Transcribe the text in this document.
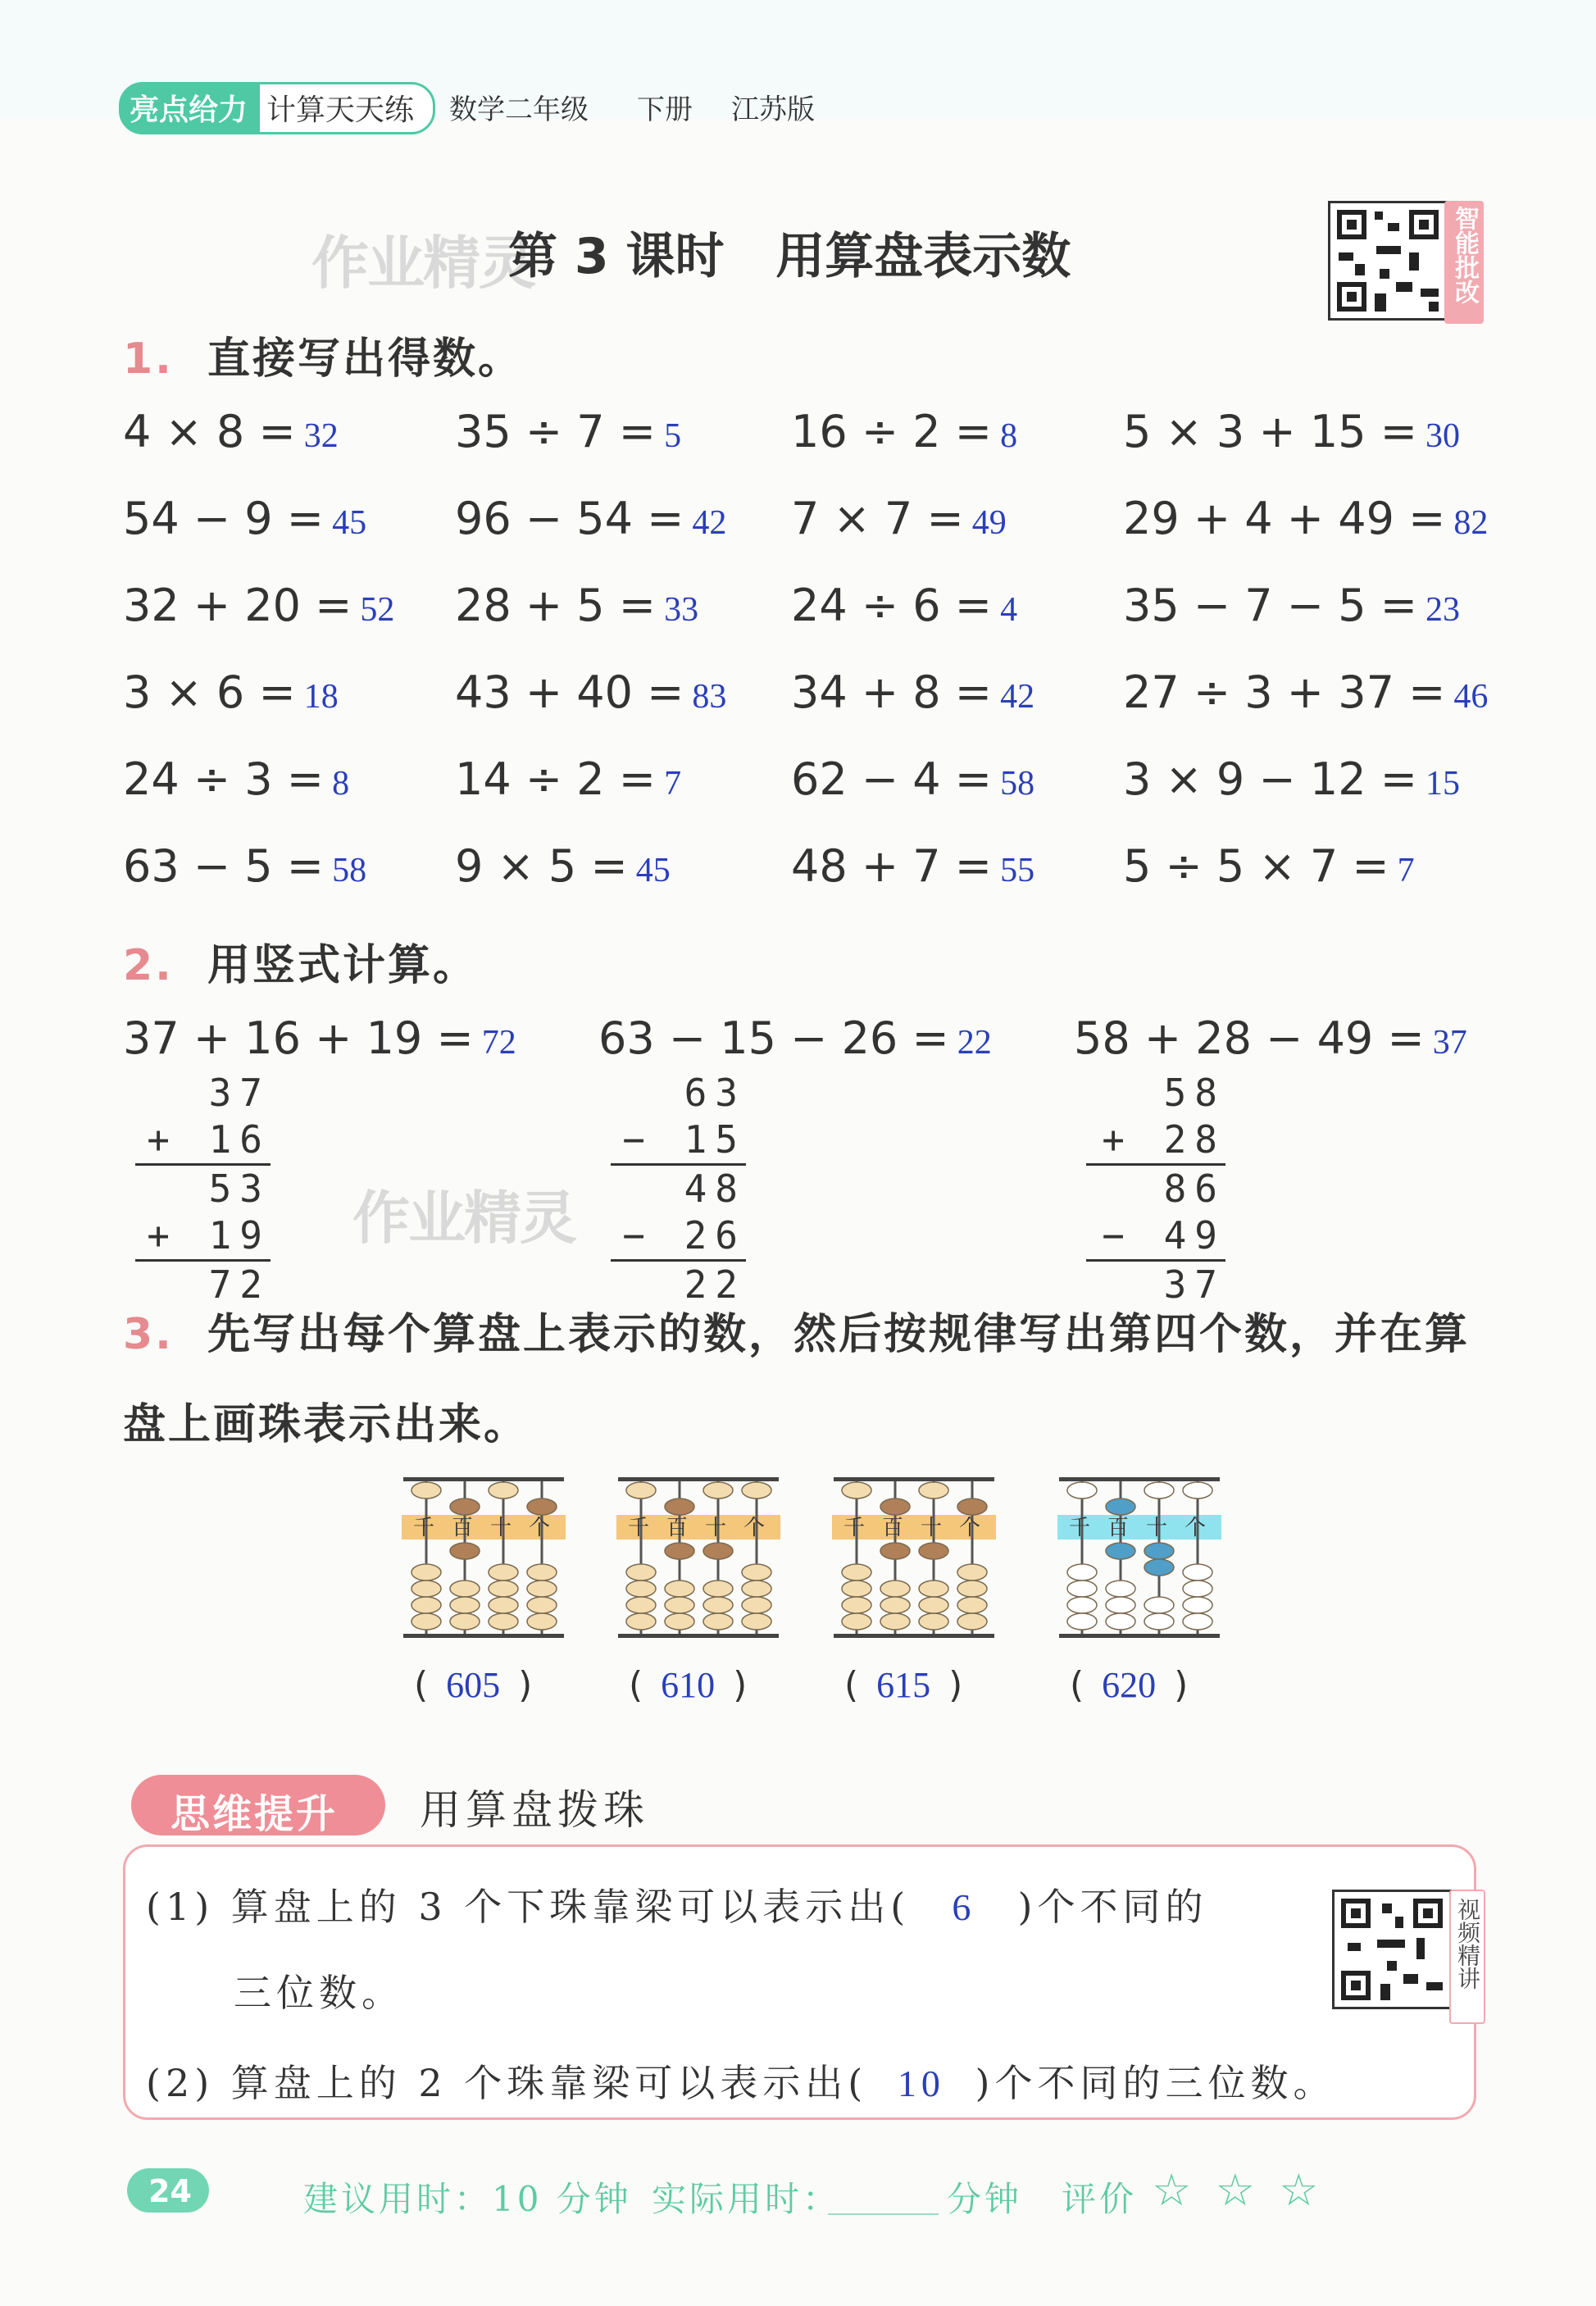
亮点给力 计算天天练 数学二年级 下册 江苏版
作业精灵
第 3 课时   用算盘表示数	智能批改
1. 直接写出得数。
4 × 8 = 32	35 ÷ 7 = 5 16 ÷ 2 = 8 5 × 3 + 15 = 30
54 − 9 = 45 96 − 54 = 42 7 × 7 = 49	29 + 4 + 49 = 82
32 + 20 = 52 28 + 5 = 33 24 ÷ 6 = 4 35 − 7 − 5 = 23
3 × 6 = 18	43 + 40 = 83 34 + 8 = 42 27 ÷ 3 + 37 = 46
24 ÷ 3 = 8 14 ÷ 2 = 7 62 − 4 = 58 3 × 9 − 12 = 15
63 − 5 = 58 9 × 5 = 45	48 + 7 = 55 5 ÷ 5 × 7 = 7
2. 用竖式计算。
作业精灵
37 + 16 + 19 = 72
37
+ 16
53
+ 19
72
63 − 15 − 26 = 22
63
− 15
48
− 26
22
58 + 28 − 49 = 37
58
+ 28
86
− 49
37
3. 先写出每个算盘上表示的数，然后按规律写出第四个数，并在算
盘上画珠表示出来。
千 百 十 个
( 605 )
千 百 十 个
( 610 )
千 百 十 个
( 615 )
千 百 十 个
( 620 )
思维提升 用算盘拨珠
(1) 算盘上的 3 个下珠靠梁可以表示出( 6 )个不同的
三位数。
(2) 算盘上的 2 个珠靠梁可以表示出( 10 )个不同的三位数。
视频精讲
24	建议用时：10 分钟 实际用时：	分钟 评价 ☆ ☆ ☆
